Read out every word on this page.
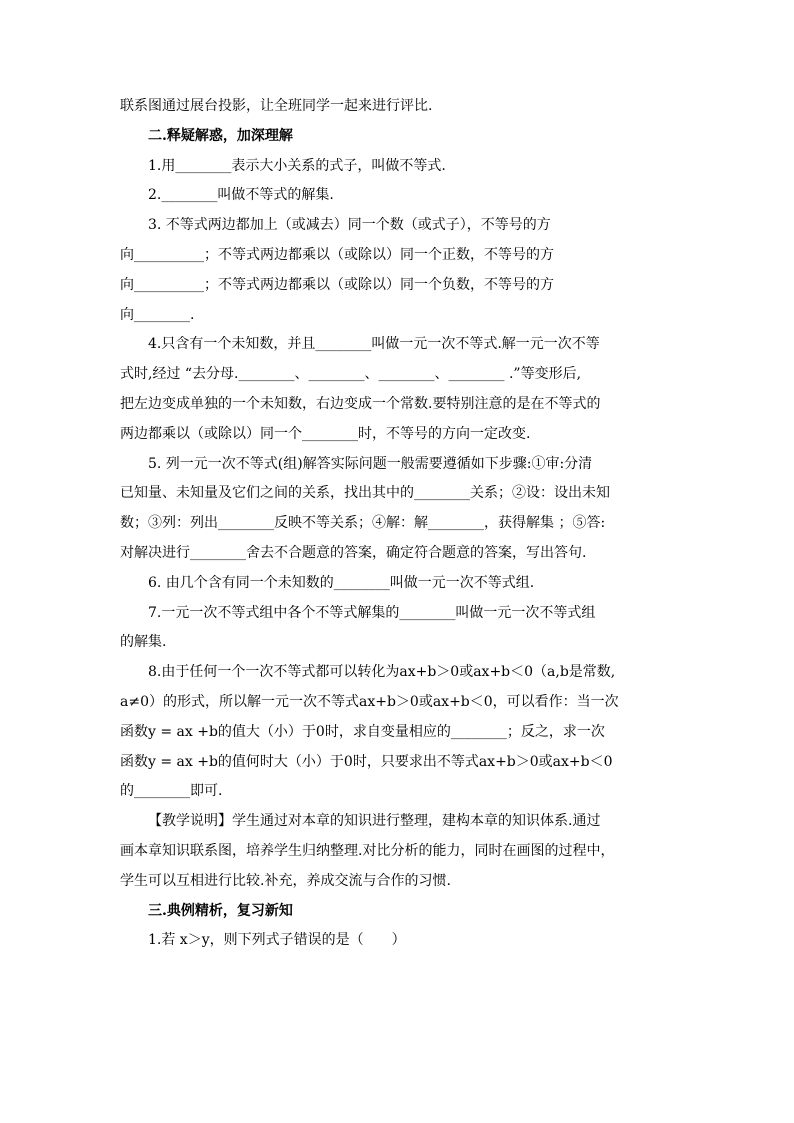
联系图通过展台投影，让全班同学一起来进行评比.
二.释疑解惑，加深理解
1.用________表示大小关系的式子，叫做不等式.
2.________叫做不等式的解集.
3. 不等式两边都加上（或减去）同一个数（或式子），不等号的方
向__________；不等式两边都乘以（或除以）同一个正数，不等号的方
向__________；不等式两边都乘以（或除以）同一个负数，不等号的方
向________.
4.只含有一个未知数，并且________叫做一元一次不等式.解一元一次不等
式时,经过 “去分母.________、________、________、________ .”等变形后,
把左边变成单独的一个未知数，右边变成一个常数.要特别注意的是在不等式的
两边都乘以（或除以）同一个________时，不等号的方向一定改变.
5. 列一元一次不等式(组)解答实际问题一般需要遵循如下步骤:①审:分清
已知量、未知量及它们之间的关系，找出其中的________关系；②设：设出未知
数；③列：列出________反映不等关系；④解：解________，获得解集 ；⑤答:
对解决进行________舍去不合题意的答案，确定符合题意的答案，写出答句.
6. 由几个含有同一个未知数的________叫做一元一次不等式组.
7.一元一次不等式组中各个不等式解集的________叫做一元一次不等式组
的解集.
8.由于任何一个一次不等式都可以转化为ax+b＞0或ax+b＜0（a,b是常数,
a≠0）的形式，所以解一元一次不等式ax+b＞0或ax+b＜0，可以看作：当一次
函数y = ax +b的值大（小）于0时，求自变量相应的________；反之，求一次
函数y = ax +b的值何时大（小）于0时，只要求出不等式ax+b＞0或ax+b＜0
的________即可.
【教学说明】学生通过对本章的知识进行整理，建构本章的知识体系.通过
画本章知识联系图，培养学生归纳整理.对比分析的能力，同时在画图的过程中，
学生可以互相进行比较.补充，养成交流与合作的习惯.
三.典例精析，复习新知
1.若 x＞y，则下列式子错误的是（　　）
